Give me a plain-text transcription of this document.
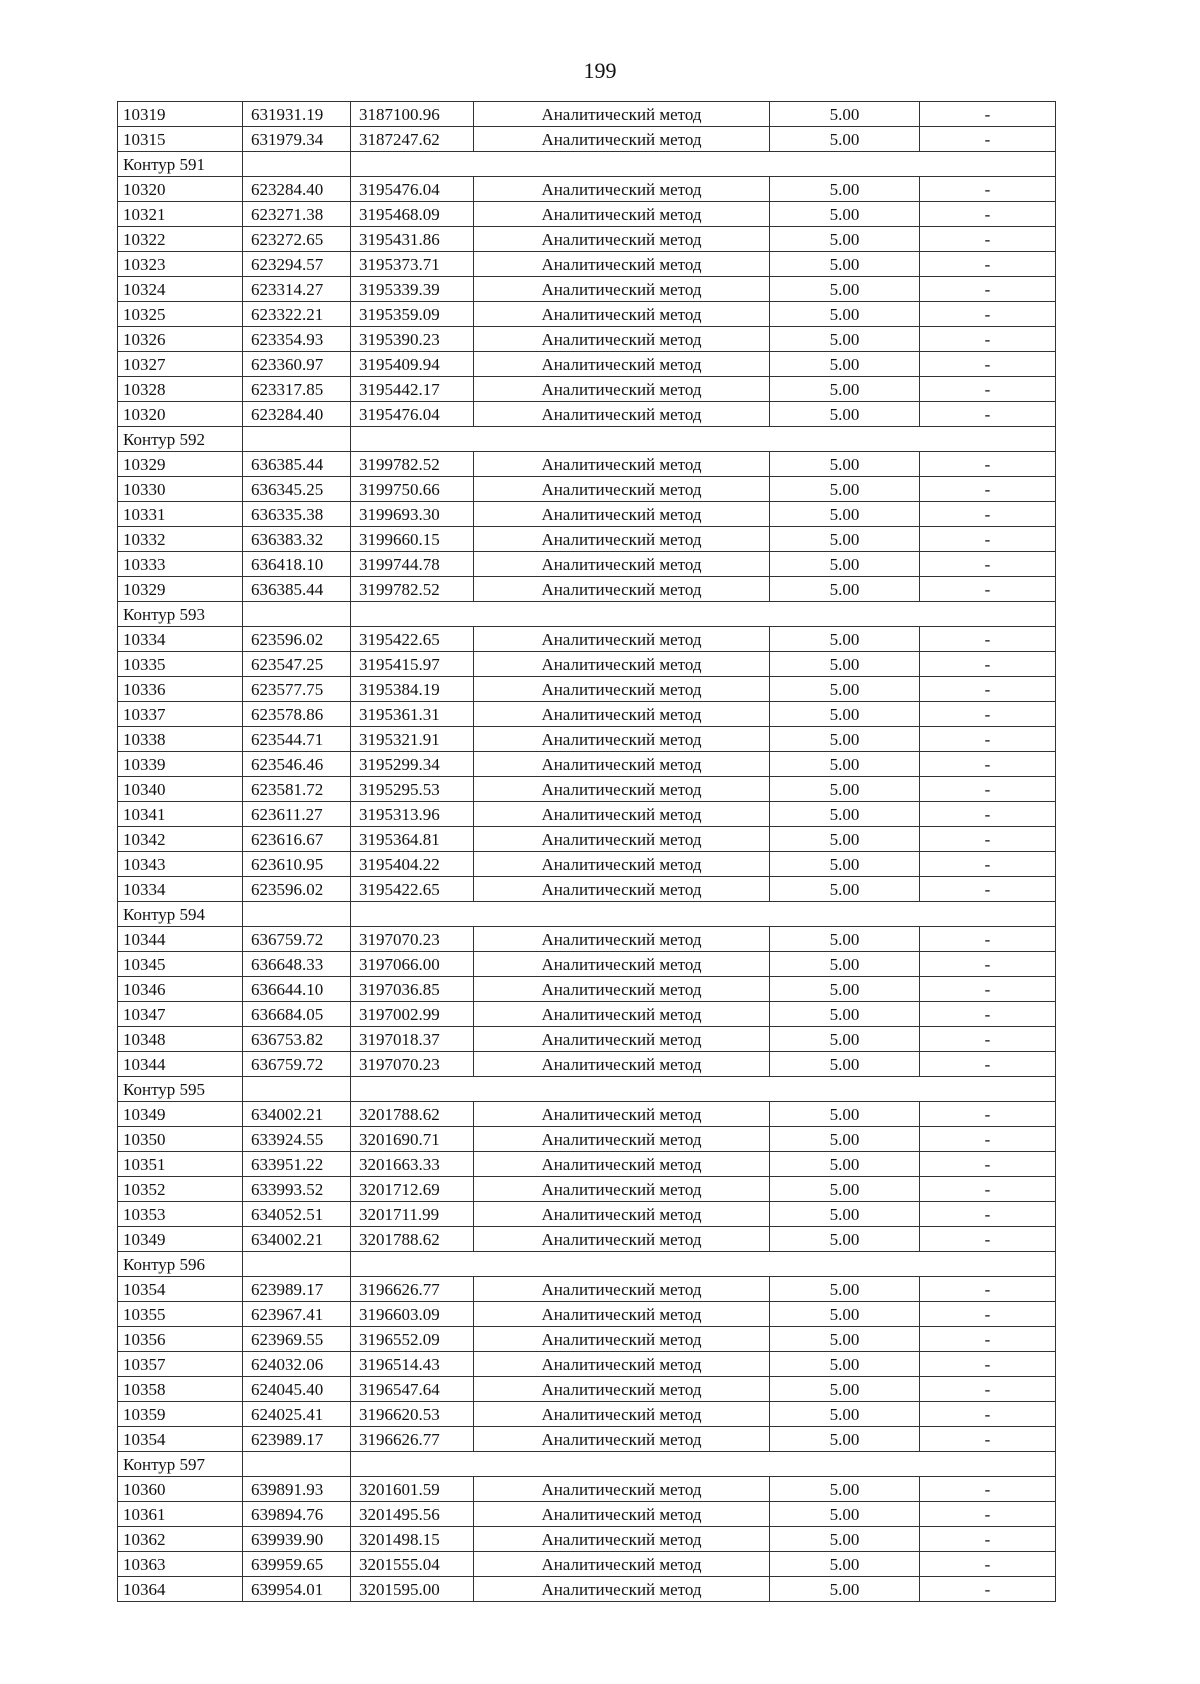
199
10319	631931.19	3187100.96	Аналитический метод	5.00	-
10315	631979.34	3187247.62	Аналитический метод	5.00	-
Контур 591					
10320	623284.40	3195476.04	Аналитический метод	5.00	-
10321	623271.38	3195468.09	Аналитический метод	5.00	-
10322	623272.65	3195431.86	Аналитический метод	5.00	-
10323	623294.57	3195373.71	Аналитический метод	5.00	-
10324	623314.27	3195339.39	Аналитический метод	5.00	-
10325	623322.21	3195359.09	Аналитический метод	5.00	-
10326	623354.93	3195390.23	Аналитический метод	5.00	-
10327	623360.97	3195409.94	Аналитический метод	5.00	-
10328	623317.85	3195442.17	Аналитический метод	5.00	-
10320	623284.40	3195476.04	Аналитический метод	5.00	-
Контур 592					
10329	636385.44	3199782.52	Аналитический метод	5.00	-
10330	636345.25	3199750.66	Аналитический метод	5.00	-
10331	636335.38	3199693.30	Аналитический метод	5.00	-
10332	636383.32	3199660.15	Аналитический метод	5.00	-
10333	636418.10	3199744.78	Аналитический метод	5.00	-
10329	636385.44	3199782.52	Аналитический метод	5.00	-
Контур 593					
10334	623596.02	3195422.65	Аналитический метод	5.00	-
10335	623547.25	3195415.97	Аналитический метод	5.00	-
10336	623577.75	3195384.19	Аналитический метод	5.00	-
10337	623578.86	3195361.31	Аналитический метод	5.00	-
10338	623544.71	3195321.91	Аналитический метод	5.00	-
10339	623546.46	3195299.34	Аналитический метод	5.00	-
10340	623581.72	3195295.53	Аналитический метод	5.00	-
10341	623611.27	3195313.96	Аналитический метод	5.00	-
10342	623616.67	3195364.81	Аналитический метод	5.00	-
10343	623610.95	3195404.22	Аналитический метод	5.00	-
10334	623596.02	3195422.65	Аналитический метод	5.00	-
Контур 594					
10344	636759.72	3197070.23	Аналитический метод	5.00	-
10345	636648.33	3197066.00	Аналитический метод	5.00	-
10346	636644.10	3197036.85	Аналитический метод	5.00	-
10347	636684.05	3197002.99	Аналитический метод	5.00	-
10348	636753.82	3197018.37	Аналитический метод	5.00	-
10344	636759.72	3197070.23	Аналитический метод	5.00	-
Контур 595					
10349	634002.21	3201788.62	Аналитический метод	5.00	-
10350	633924.55	3201690.71	Аналитический метод	5.00	-
10351	633951.22	3201663.33	Аналитический метод	5.00	-
10352	633993.52	3201712.69	Аналитический метод	5.00	-
10353	634052.51	3201711.99	Аналитический метод	5.00	-
10349	634002.21	3201788.62	Аналитический метод	5.00	-
Контур 596					
10354	623989.17	3196626.77	Аналитический метод	5.00	-
10355	623967.41	3196603.09	Аналитический метод	5.00	-
10356	623969.55	3196552.09	Аналитический метод	5.00	-
10357	624032.06	3196514.43	Аналитический метод	5.00	-
10358	624045.40	3196547.64	Аналитический метод	5.00	-
10359	624025.41	3196620.53	Аналитический метод	5.00	-
10354	623989.17	3196626.77	Аналитический метод	5.00	-
Контур 597					
10360	639891.93	3201601.59	Аналитический метод	5.00	-
10361	639894.76	3201495.56	Аналитический метод	5.00	-
10362	639939.90	3201498.15	Аналитический метод	5.00	-
10363	639959.65	3201555.04	Аналитический метод	5.00	-
10364	639954.01	3201595.00	Аналитический метод	5.00	-
